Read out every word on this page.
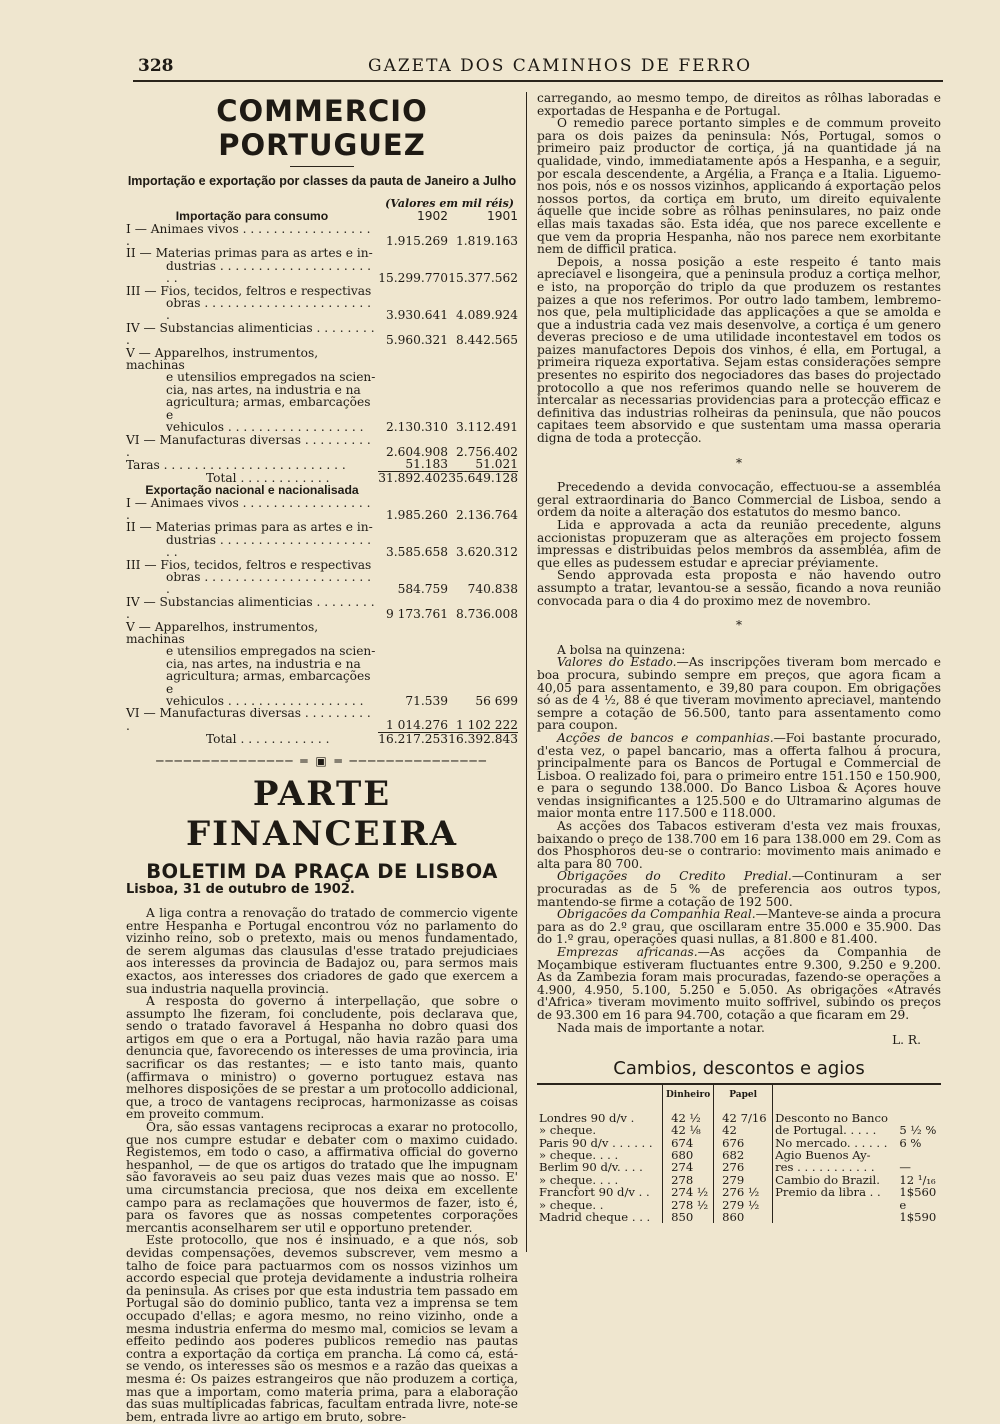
328	GAZETA DOS CAMINHOS DE FERRO
COMMERCIO PORTUGUEZ
Importação e exportação por classes da pauta de Janeiro a Julho
(Valores em mil réis)
Importação para consumo	1902	1901
I — Animaes vivos . . . . . . . . . . . . . . . . . .	1.915.269	1.819.163
II — Materias primas para as artes e in-		
dustrias . . . . . . . . . . . . . . . . . . . . . .	15.299.770	15.377.562
III — Fios, tecidos, feltros e respectivas		
obras . . . . . . . . . . . . . . . . . . . . . . .	3.930.641	4.089.924
IV — Substancias alimenticias . . . . . . . . .	5.960.321	8.442.565
V — Apparelhos, instrumentos, machinas		
e utensilios empregados na scien-		
cia, nas artes, na industria e na		
agricultura; armas, embarcações e		
vehiculos . . . . . . . . . . . . . . . . . .	2.130.310	3.112.491
VI — Manufacturas diversas . . . . . . . . . .	2.604.908	2.756.402
Taras . . . . . . . . . . . . . . . . . . . . . . . .	51.183	51.021
Total . . . . . . . . . . . .	31.892.402	35.649.128
Exportação nacional e nacionalisada		
I — Animaes vivos . . . . . . . . . . . . . . . . . .	1.985.260	2.136.764
II — Materias primas para as artes e in-		
dustrias . . . . . . . . . . . . . . . . . . . . . .	3.585.658	3.620.312
III — Fios, tecidos, feltros e respectivas		
obras . . . . . . . . . . . . . . . . . . . . . . .	584.759	740.838
IV — Substancias alimenticias . . . . . . . . .	9 173.761	8.736.008
V — Apparelhos, instrumentos, machinas		
e utensilios empregados na scien-		
cia, nas artes, na industria e na		
agricultura; armas, embarcações e		
vehiculos . . . . . . . . . . . . . . . . . .	71.539	56 699
VI — Manufacturas diversas . . . . . . . . . .	1 014.276	1 102 222
Total . . . . . . . . . . . .	16.217.253	16.392.843
─────────────── ═ ▣ ═ ───────────────
PARTE FINANCEIRA
BOLETIM DA PRAÇA DE LISBOA
Lisboa, 31 de outubro de 1902.

A liga contra a renovação do tratado de commercio vigente entre Hespanha e Portugal encontrou vóz no parlamento do vizinho reino, sob o pretexto, mais ou menos fundamentado, de serem algumas das clausulas d'esse tratado prejudiciaes aos interesses da provincia de Badajoz ou, para sermos mais exactos, aos interesses dos criadores de gado que exercem a sua industria naquella provincia.

A resposta do governo á interpellação, que sobre o assumpto lhe fizeram, foi concludente, pois declarava que, sendo o tratado favoravel á Hespanha no dobro quasi dos artigos em que o era a Portugal, não havia razão para uma denuncia que, favorecendo os interesses de uma provincia, iria sacrificar os das restantes; — e isto tanto mais, quanto (affirmava o ministro) o governo portuguez estava nas melhores disposições de se prestar a um protocollo addicional, que, a troco de vantagens reciprocas, harmonizasse as coisas em proveito commum.

Ora, são essas vantagens reciprocas a exarar no protocollo, que nos cumpre estudar e debater com o maximo cuidado. Registemos, em todo o caso, a affirmativa official do governo hespanhol, — de que os artigos do tratado que lhe impugnam são favoraveis ao seu paiz duas vezes mais que ao nosso. E' uma circumstancia preciosa, que nos deixa em excellente campo para as reclamações que houvermos de fazer, isto é, para os favores que as nossas competentes corporações mercantis aconselharem ser util e opportuno pretender.

Este protocollo, que nos é insinuado, e a que nós, sob devidas compensações, devemos subscrever, vem mesmo a talho de foice para pactuarmos com os nossos vizinhos um accordo especial que proteja devidamente a industria rolheira da peninsula. As crises por que esta industria tem passado em Portugal são do dominio publico, tanta vez a imprensa se tem occupado d'ellas; e agora mesmo, no reino vizinho, onde a mesma industria enferma do mesmo mal, comicios se levam a effeito pedindo aos poderes publicos remedio nas pautas contra a exportação da cortiça em prancha. Lá como cá, está-se vendo, os interesses são os mesmos e a razão das queixas a mesma é: Os paizes estrangeiros que não produzem a cortiça, mas que a importam, como materia prima, para a elaboração das suas multiplicadas fabricas, facultam entrada livre, note-se bem, entrada livre ao artigo em bruto, sobre-

carregando, ao mesmo tempo, de direitos as rôlhas laboradas e exportadas de Hespanha e de Portugal.

O remedio parece portanto simples e de commum proveito para os dois paizes da peninsula: Nós, Portugal, somos o primeiro paiz productor de cortiça, já na quantidade já na qualidade, vindo, immediatamente após a Hespanha, e a seguir, por escala descendente, a Argélia, a França e a Italia. Liguemo-nos pois, nós e os nossos vizinhos, applicando á exportação pelos nossos portos, da cortiça em bruto, um direito equivalente áquelle que incide sobre as rôlhas peninsulares, no paiz onde ellas mais taxadas são. Esta idéa, que nos parece excellente e que vem da propria Hespanha, não nos parece nem exorbitante nem de difficil pratica.

Depois, a nossa posição a este respeito é tanto mais apreciavel e lisongeira, que a peninsula produz a cortiça melhor, e isto, na proporção do triplo da que produzem os restantes paizes a que nos referimos. Por outro lado tambem, lembremo-nos que, pela multiplicidade das applicações a que se amolda e que a industria cada vez mais desenvolve, a cortiça é um genero deveras precioso e de uma utilidade incontestavel em todos os paizes manufactores Depois dos vinhos, é ella, em Portugal, a primeira riqueza exportativa. Sejam estas considerações sempre presentes no espirito dos negociadores das bases do projectado protocollo a que nos referimos quando nelle se houverem de intercalar as necessarias providencias para a protecção efficaz e definitiva das industrias rolheiras da peninsula, que não poucos capitaes teem absorvido e que sustentam uma massa operaria digna de toda a protecção.

*

Precedendo a devida convocação, effectuou-se a assembléa geral extraordinaria do Banco Commercial de Lisboa, sendo a ordem da noite a alteração dos estatutos do mesmo banco.

Lida e approvada a acta da reunião precedente, alguns accionistas propuzeram que as alterações em projecto fossem impressas e distribuidas pelos membros da assembléa, afim de que elles as pudessem estudar e apreciar préviamente.

Sendo approvada esta proposta e não havendo outro assumpto a tratar, levantou-se a sessão, ficando a nova reunião convocada para o dia 4 do proximo mez de novembro.

*

A bolsa na quinzena:

Valores do Estado.—As inscripções tiveram bom mercado e boa procura, subindo sempre em preços, que agora ficam a 40,05 para assentamento, e 39,80 para coupon. Em obrigações só as de 4 ½, 88 é que tiveram movimento apreciavel, mantendo sempre a cotação de 56.500, tanto para assentamento como para coupon.

Acções de bancos e companhias.—Foi bastante procurado, d'esta vez, o papel bancario, mas a offerta falhou á procura, principalmente para os Bancos de Portugal e Commercial de Lisboa. O realizado foi, para o primeiro entre 151.150 e 150.900, e para o segundo 138.000. Do Banco Lisboa & Açores houve vendas insignificantes a 125.500 e do Ultramarino algumas de maior monta entre 117.500 e 118.000.

As acções dos Tabacos estiveram d'esta vez mais frouxas, baixando o preço de 138.700 em 16 para 138.000 em 29. Com as dos Phosphoros deu-se o contrario: movimento mais animado e alta para 80 700.

Obrigações do Credito Predial.—Continuram a ser procuradas as de 5 % de preferencia aos outros typos, mantendo-se firme a cotação de 192 500.

Obrigacões da Companhia Real.—Manteve-se ainda a procura para as do 2.º grau, que oscillaram entre 35.000 e 35.900. Das do 1.º grau, operações quasi nullas, a 81.800 e 81.400.

Emprezas africanas.—As acções da Companhia de Moçambique estiveram fluctuantes entre 9.300, 9.250 e 9.200. As da Zambezia foram mais procuradas, fazendo-se operações a 4.900, 4.950, 5.100, 5.250 e 5.050. As obrigações «Através d'Africa» tiveram movimento muito soffrivel, subindo os preços de 93.300 em 16 para 94.700, cotação a que ficaram em 29.

Nada mais de importante a notar.

L. R.
Cambios, descontos e agios
	Dinheiro	Papel		
Londres 90 d/v .	42 ½	42 7/16	Desconto no Banco	
» cheque.	42 ⅛	42	de Portugal. . . . .	5 ½ %
Paris 90 d/v . . . . . .	674	676	No mercado. . . . . .	6 %
» cheque. . . .	680	682	Agio Buenos Ay-	
Berlim 90 d/v. . . .	274	276	res . . . . . . . . . . .	—
» cheque. . . .	278	279	Cambio do Brazil.	12 ¹/₁₆
Francfort 90 d/v . .	274 ½	276 ½	Premio da libra . .	1$560
» cheque. .	278 ½	279 ½		e
Madrid cheque . . .	850	860		1$590
